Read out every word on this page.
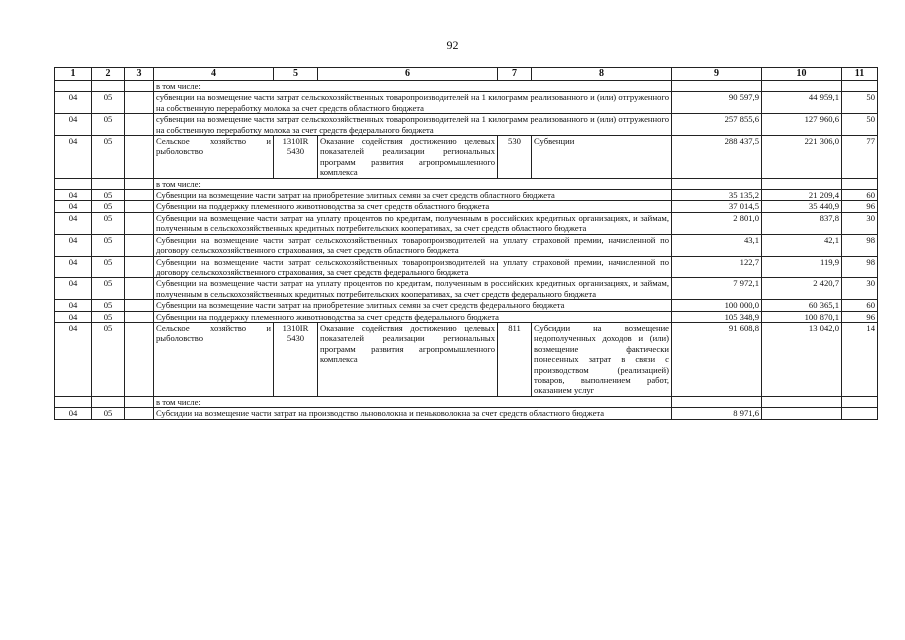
92
1	2	3	4	5	6	7	8	9	10	11
			в том числе:							
04	05		субвенции на возмещение части затрат сельскохозяйственных товаропроизводителей на 1 килограмм реализованного и (или) отгруженного на собственную переработку молока за счет средств областного бюджета					90 597,9	44 959,1	50
04	05		субвенции на возмещение части затрат сельскохозяйственных товаропроизводителей на 1 килограмм реализованного и (или) отгруженного на собственную переработку молока за счет средств федерального бюджета					257 855,6	127 960,6	50
04	05		Сельское хозяйство и рыболовство	1310IR 5430	Оказание содействия достижению целевых показателей реализации региональных программ развития агропромышленного комплекса	530	Субвенции	288 437,5	221 306,0	77
			в том числе:							
04	05		Субвенции на возмещение части затрат на приобретение элитных семян за счет средств областного бюджета					35 135,2	21 209,4	60
04	05		Субвенции на поддержку племенного животноводства за счет средств областного бюджета					37 014,5	35 440,9	96
04	05		Субвенции на возмещение части затрат на уплату процентов по кредитам, полученным в российских кредитных организациях, и займам, полученным в сельскохозяйственных кредитных потребительских кооперативах, за счет средств областного бюджета					2 801,0	837,8	30
04	05		Субвенции на возмещение части затрат сельскохозяйственных товаропроизводителей на уплату страховой премии, начисленной по договору сельскохозяйственного страхования, за счет средств областного бюджета					43,1	42,1	98
04	05		Субвенции на возмещение части затрат сельскохозяйственных товаропроизводителей на уплату страховой премии, начисленной по договору сельскохозяйственного страхования, за счет средств федерального бюджета					122,7	119,9	98
04	05		Субвенции на возмещение части затрат на уплату процентов по кредитам, полученным в российских кредитных организациях, и займам, полученным в сельскохозяйственных кредитных потребительских кооперативах, за счет средств федерального бюджета					7 972,1	2 420,7	30
04	05		Субвенции на возмещение части затрат на приобретение элитных семян за счет средств федерального бюджета					100 000,0	60 365,1	60
04	05		Субвенции на поддержку племенного животноводства за счет средств федерального бюджета					105 348,9	100 870,1	96
04	05		Сельское хозяйство и рыболовство	1310IR 5430	Оказание содействия достижению целевых показателей реализации региональных программ развития агропромышленного комплекса	811	Субсидии на возмещение недополученных доходов и (или) возмещение фактически понесенных затрат в связи с производством (реализацией) товаров, выполнением работ, оказанием услуг	91 608,8	13 042,0	14
			в том числе:							
04	05		Субсидии на возмещение части затрат на производство льноволокна и пеньковолокна за счет средств областного бюджета					8 971,6		
